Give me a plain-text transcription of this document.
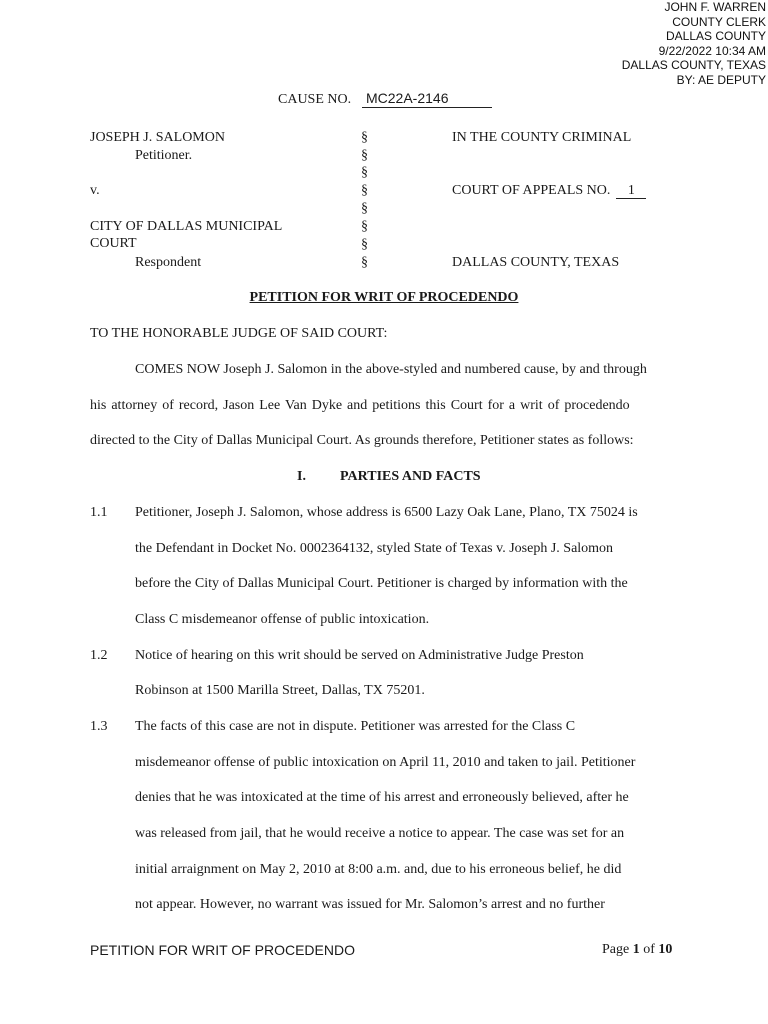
JOHN F. WARREN
COUNTY CLERK
DALLAS COUNTY
9/22/2022 10:34 AM
DALLAS COUNTY, TEXAS
BY: AE DEPUTY
CAUSE NO. MC22A-2146
JOSEPH J. SALOMON
Petitioner.
v.
CITY OF DALLAS MUNICIPAL
COURT
Respondent
§
§
§
§
§
§
§
§
IN THE COUNTY CRIMINAL
COURT OF APPEALS NO. 1
DALLAS COUNTY, TEXAS
PETITION FOR WRIT OF PROCEDENDO
TO THE HONORABLE JUDGE OF SAID COURT:
COMES NOW Joseph J. Salomon in the above-styled and numbered cause, by and through
his attorney of record, Jason Lee Van Dyke and petitions this Court for a writ of procedendo
directed to the City of Dallas Municipal Court. As grounds therefore, Petitioner states as follows:
I. PARTIES AND FACTS
1.1 Petitioner, Joseph J. Salomon, whose address is 6500 Lazy Oak Lane, Plano, TX 75024 is
the Defendant in Docket No. 0002364132, styled State of Texas v. Joseph J. Salomon
before the City of Dallas Municipal Court. Petitioner is charged by information with the
Class C misdemeanor offense of public intoxication.
1.2 Notice of hearing on this writ should be served on Administrative Judge Preston
Robinson at 1500 Marilla Street, Dallas, TX 75201.
1.3 The facts of this case are not in dispute. Petitioner was arrested for the Class C
misdemeanor offense of public intoxication on April 11, 2010 and taken to jail. Petitioner
denies that he was intoxicated at the time of his arrest and erroneously believed, after he
was released from jail, that he would receive a notice to appear. The case was set for an
initial arraignment on May 2, 2010 at 8:00 a.m. and, due to his erroneous belief, he did
not appear. However, no warrant was issued for Mr. Salomon’s arrest and no further
PETITION FOR WRIT OF PROCEDENDO	Page 1 of 10
